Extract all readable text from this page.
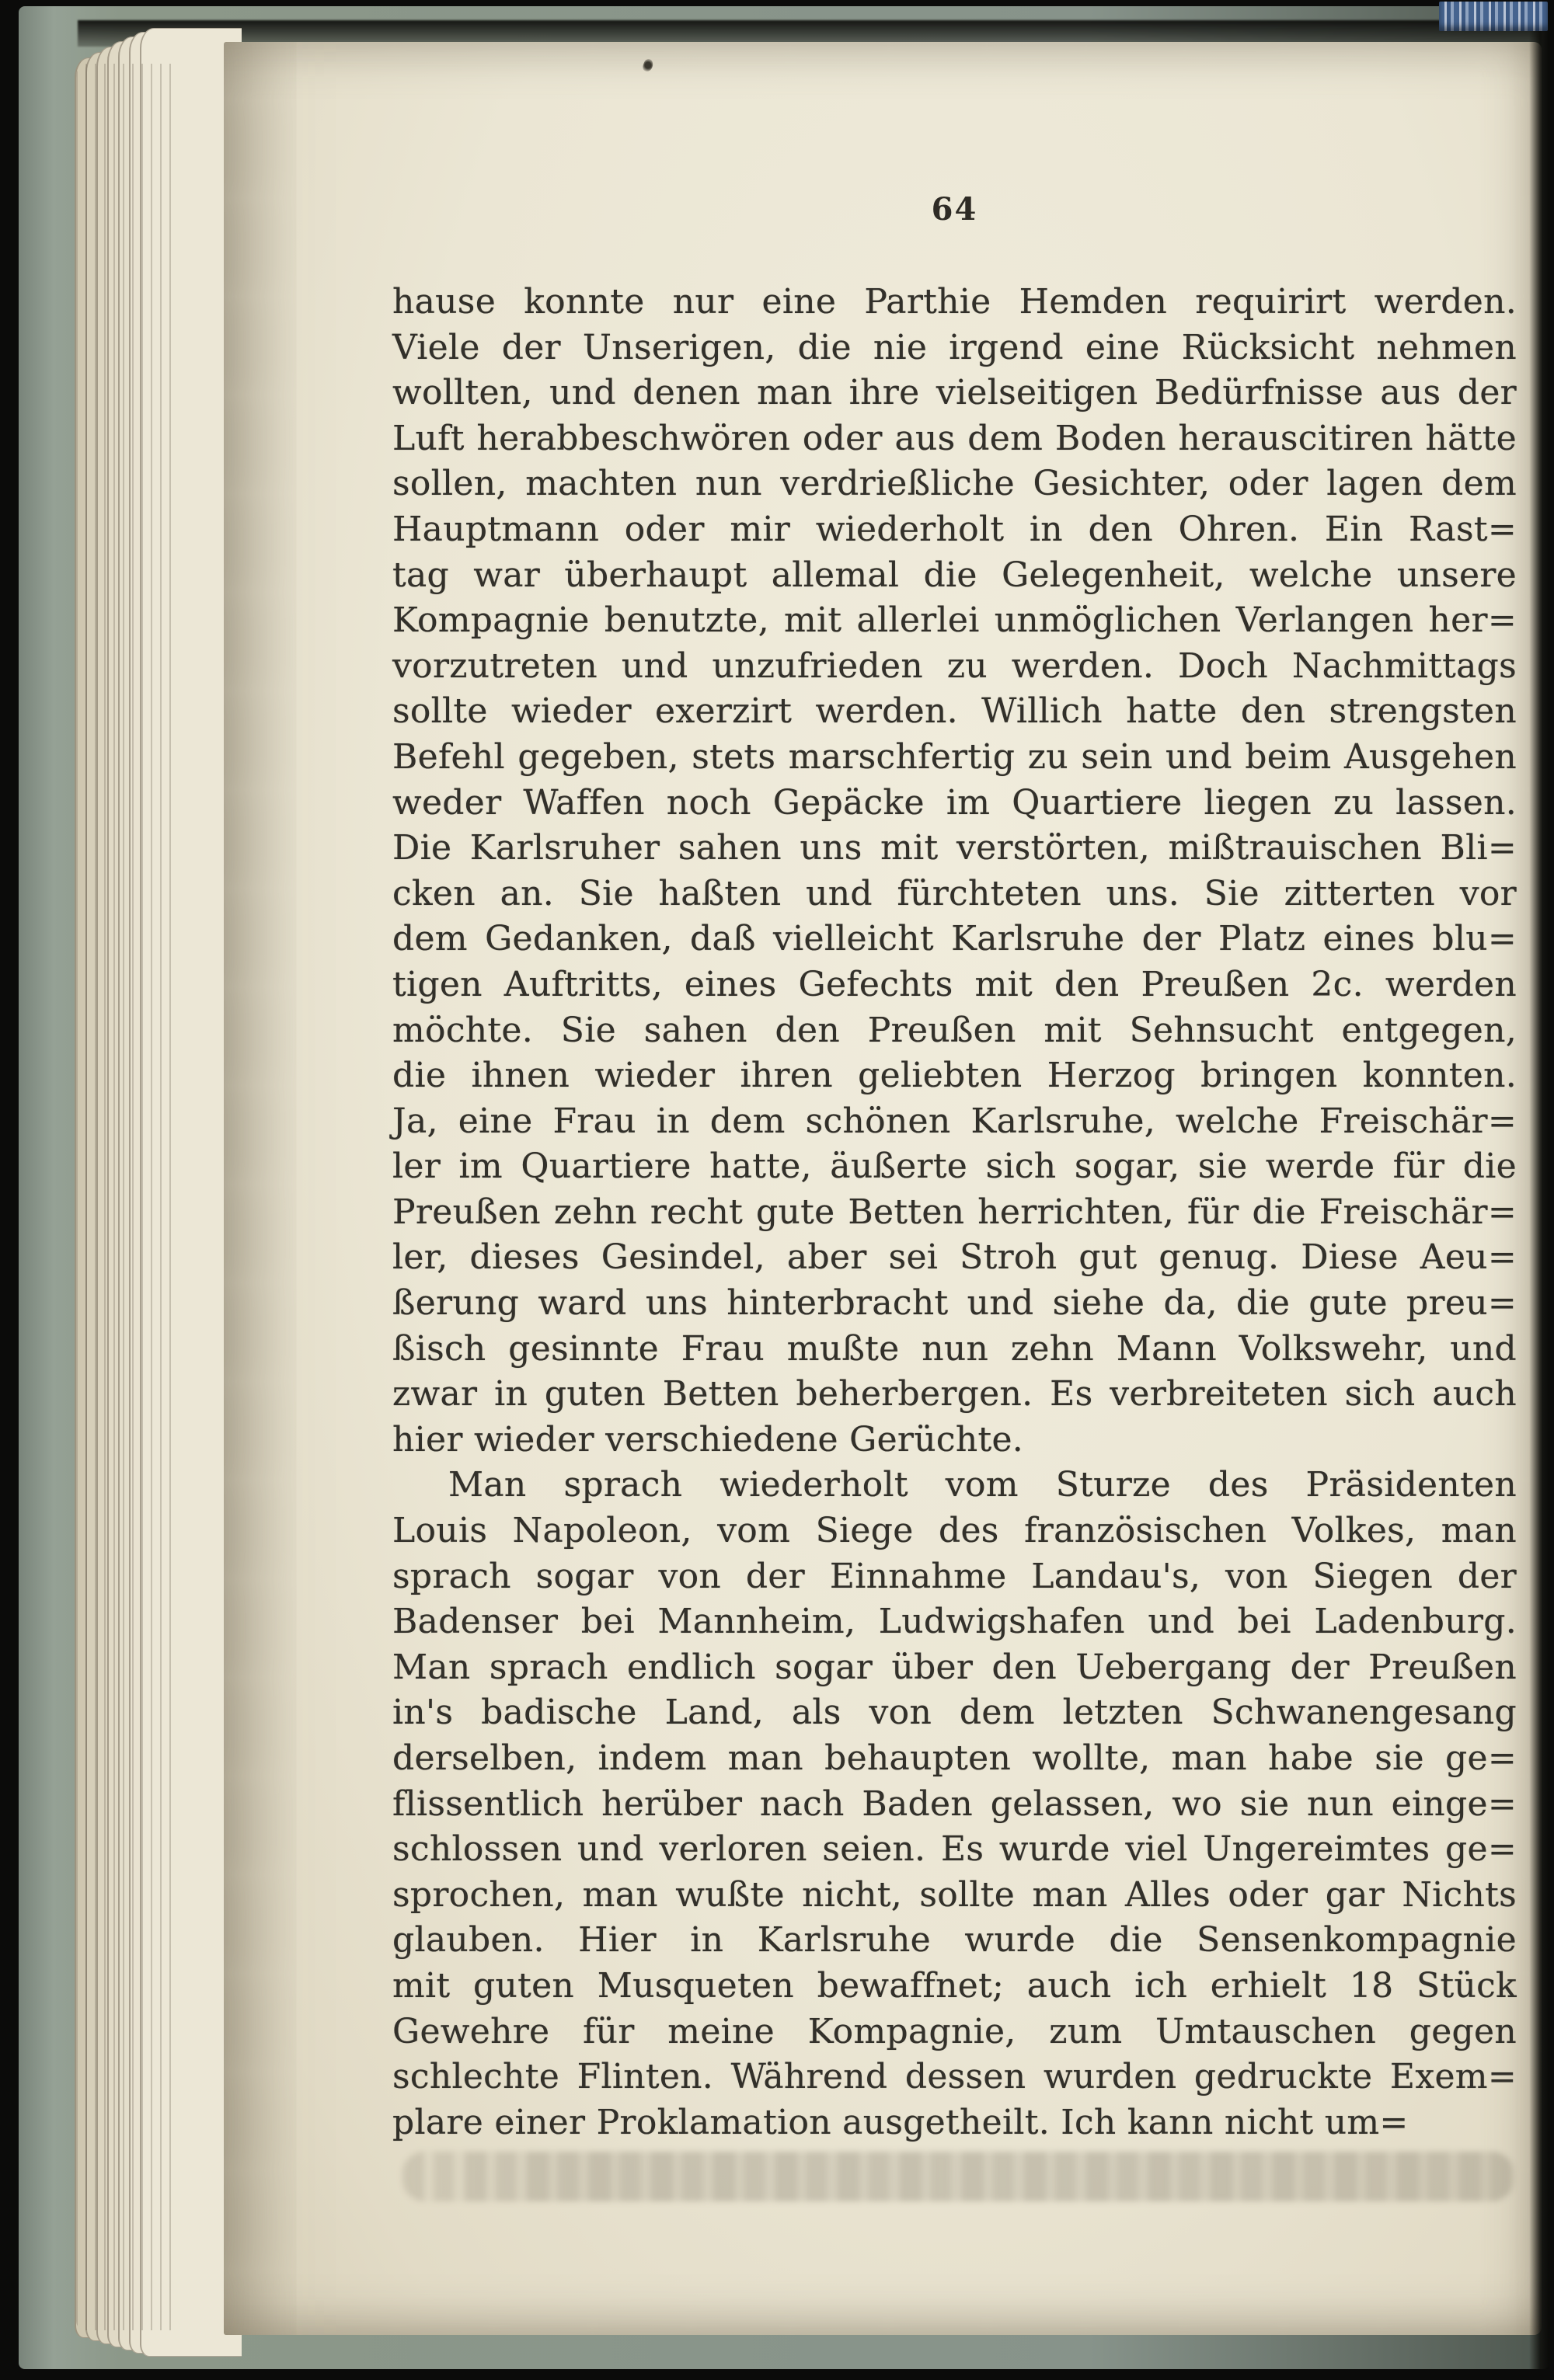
64
hause konnte nur eine Parthie Hemden requirirt werden.
Viele der Unserigen, die nie irgend eine Rücksicht nehmen
wollten, und denen man ihre vielseitigen Bedürfnisse aus der
Luft herabbeschwören oder aus dem Boden herauscitiren hätte
sollen, machten nun verdrießliche Gesichter, oder lagen dem
Hauptmann oder mir wiederholt in den Ohren. Ein Rast=
tag war überhaupt allemal die Gelegenheit, welche unsere
Kompagnie benutzte, mit allerlei unmöglichen Verlangen her=
vorzutreten und unzufrieden zu werden. Doch Nachmittags
sollte wieder exerzirt werden. Willich hatte den strengsten
Befehl gegeben, stets marschfertig zu sein und beim Ausgehen
weder Waffen noch Gepäcke im Quartiere liegen zu lassen.
Die Karlsruher sahen uns mit verstörten, mißtrauischen Bli=
cken an. Sie haßten und fürchteten uns. Sie zitterten vor
dem Gedanken, daß vielleicht Karlsruhe der Platz eines blu=
tigen Auftritts, eines Gefechts mit den Preußen 2c. werden
möchte. Sie sahen den Preußen mit Sehnsucht entgegen,
die ihnen wieder ihren geliebten Herzog bringen konnten.
Ja, eine Frau in dem schönen Karlsruhe, welche Freischär=
ler im Quartiere hatte, äußerte sich sogar, sie werde für die
Preußen zehn recht gute Betten herrichten, für die Freischär=
ler, dieses Gesindel, aber sei Stroh gut genug. Diese Aeu=
ßerung ward uns hinterbracht und siehe da, die gute preu=
ßisch gesinnte Frau mußte nun zehn Mann Volkswehr, und
zwar in guten Betten beherbergen. Es verbreiteten sich auch
hier wieder verschiedene Gerüchte.
Man sprach wiederholt vom Sturze des Präsidenten
Louis Napoleon, vom Siege des französischen Volkes, man
sprach sogar von der Einnahme Landau's, von Siegen der
Badenser bei Mannheim, Ludwigshafen und bei Ladenburg.
Man sprach endlich sogar über den Uebergang der Preußen
in's badische Land, als von dem letzten Schwanengesang
derselben, indem man behaupten wollte, man habe sie ge=
flissentlich herüber nach Baden gelassen, wo sie nun einge=
schlossen und verloren seien. Es wurde viel Ungereimtes ge=
sprochen, man wußte nicht, sollte man Alles oder gar Nichts
glauben. Hier in Karlsruhe wurde die Sensenkompagnie
mit guten Musqueten bewaffnet; auch ich erhielt 18 Stück
Gewehre für meine Kompagnie, zum Umtauschen gegen
schlechte Flinten. Während dessen wurden gedruckte Exem=
plare einer Proklamation ausgetheilt. Ich kann nicht um=
